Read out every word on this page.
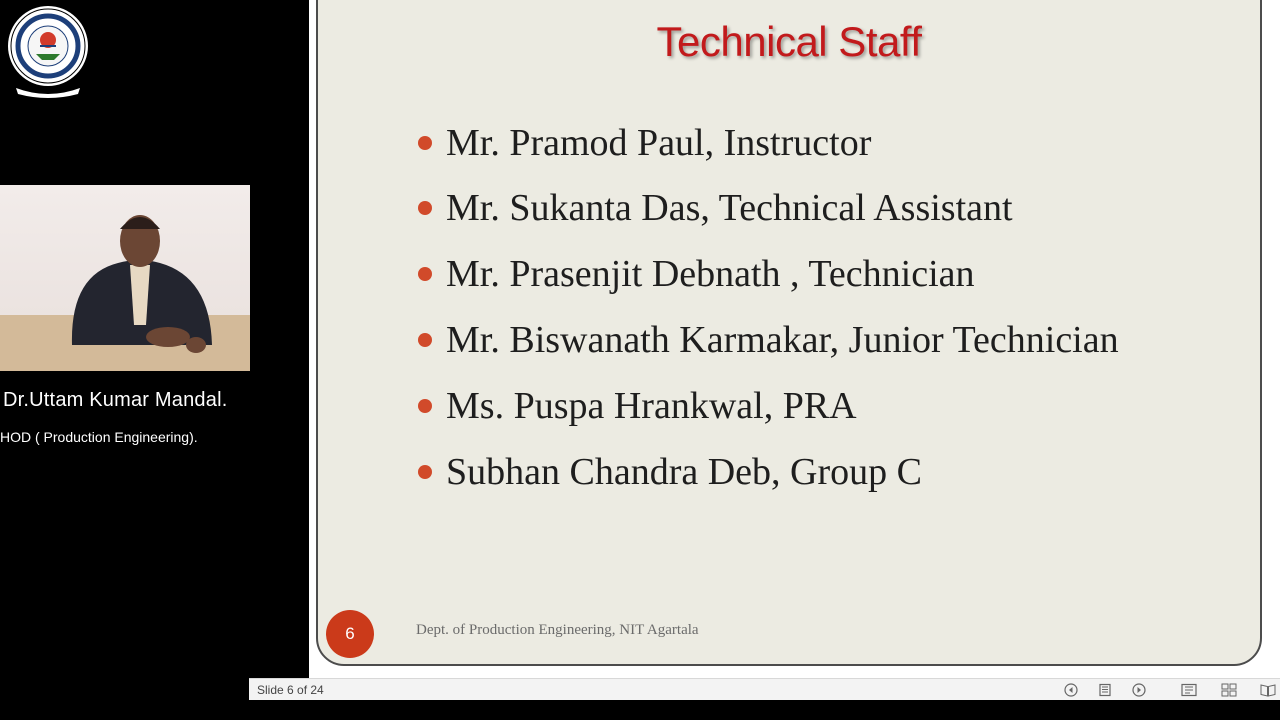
Dr.Uttam Kumar Mandal.
HOD ( Production Engineering).
Technical Staff
Mr. Pramod Paul, Instructor
Mr. Sukanta Das, Technical Assistant
Mr. Prasenjit Debnath , Technician
Mr. Biswanath Karmakar, Junior Technician
Ms. Puspa Hrankwal, PRA
Subhan Chandra Deb, Group C
6	Dept. of Production Engineering, NIT Agartala
Slide 6 of 24
